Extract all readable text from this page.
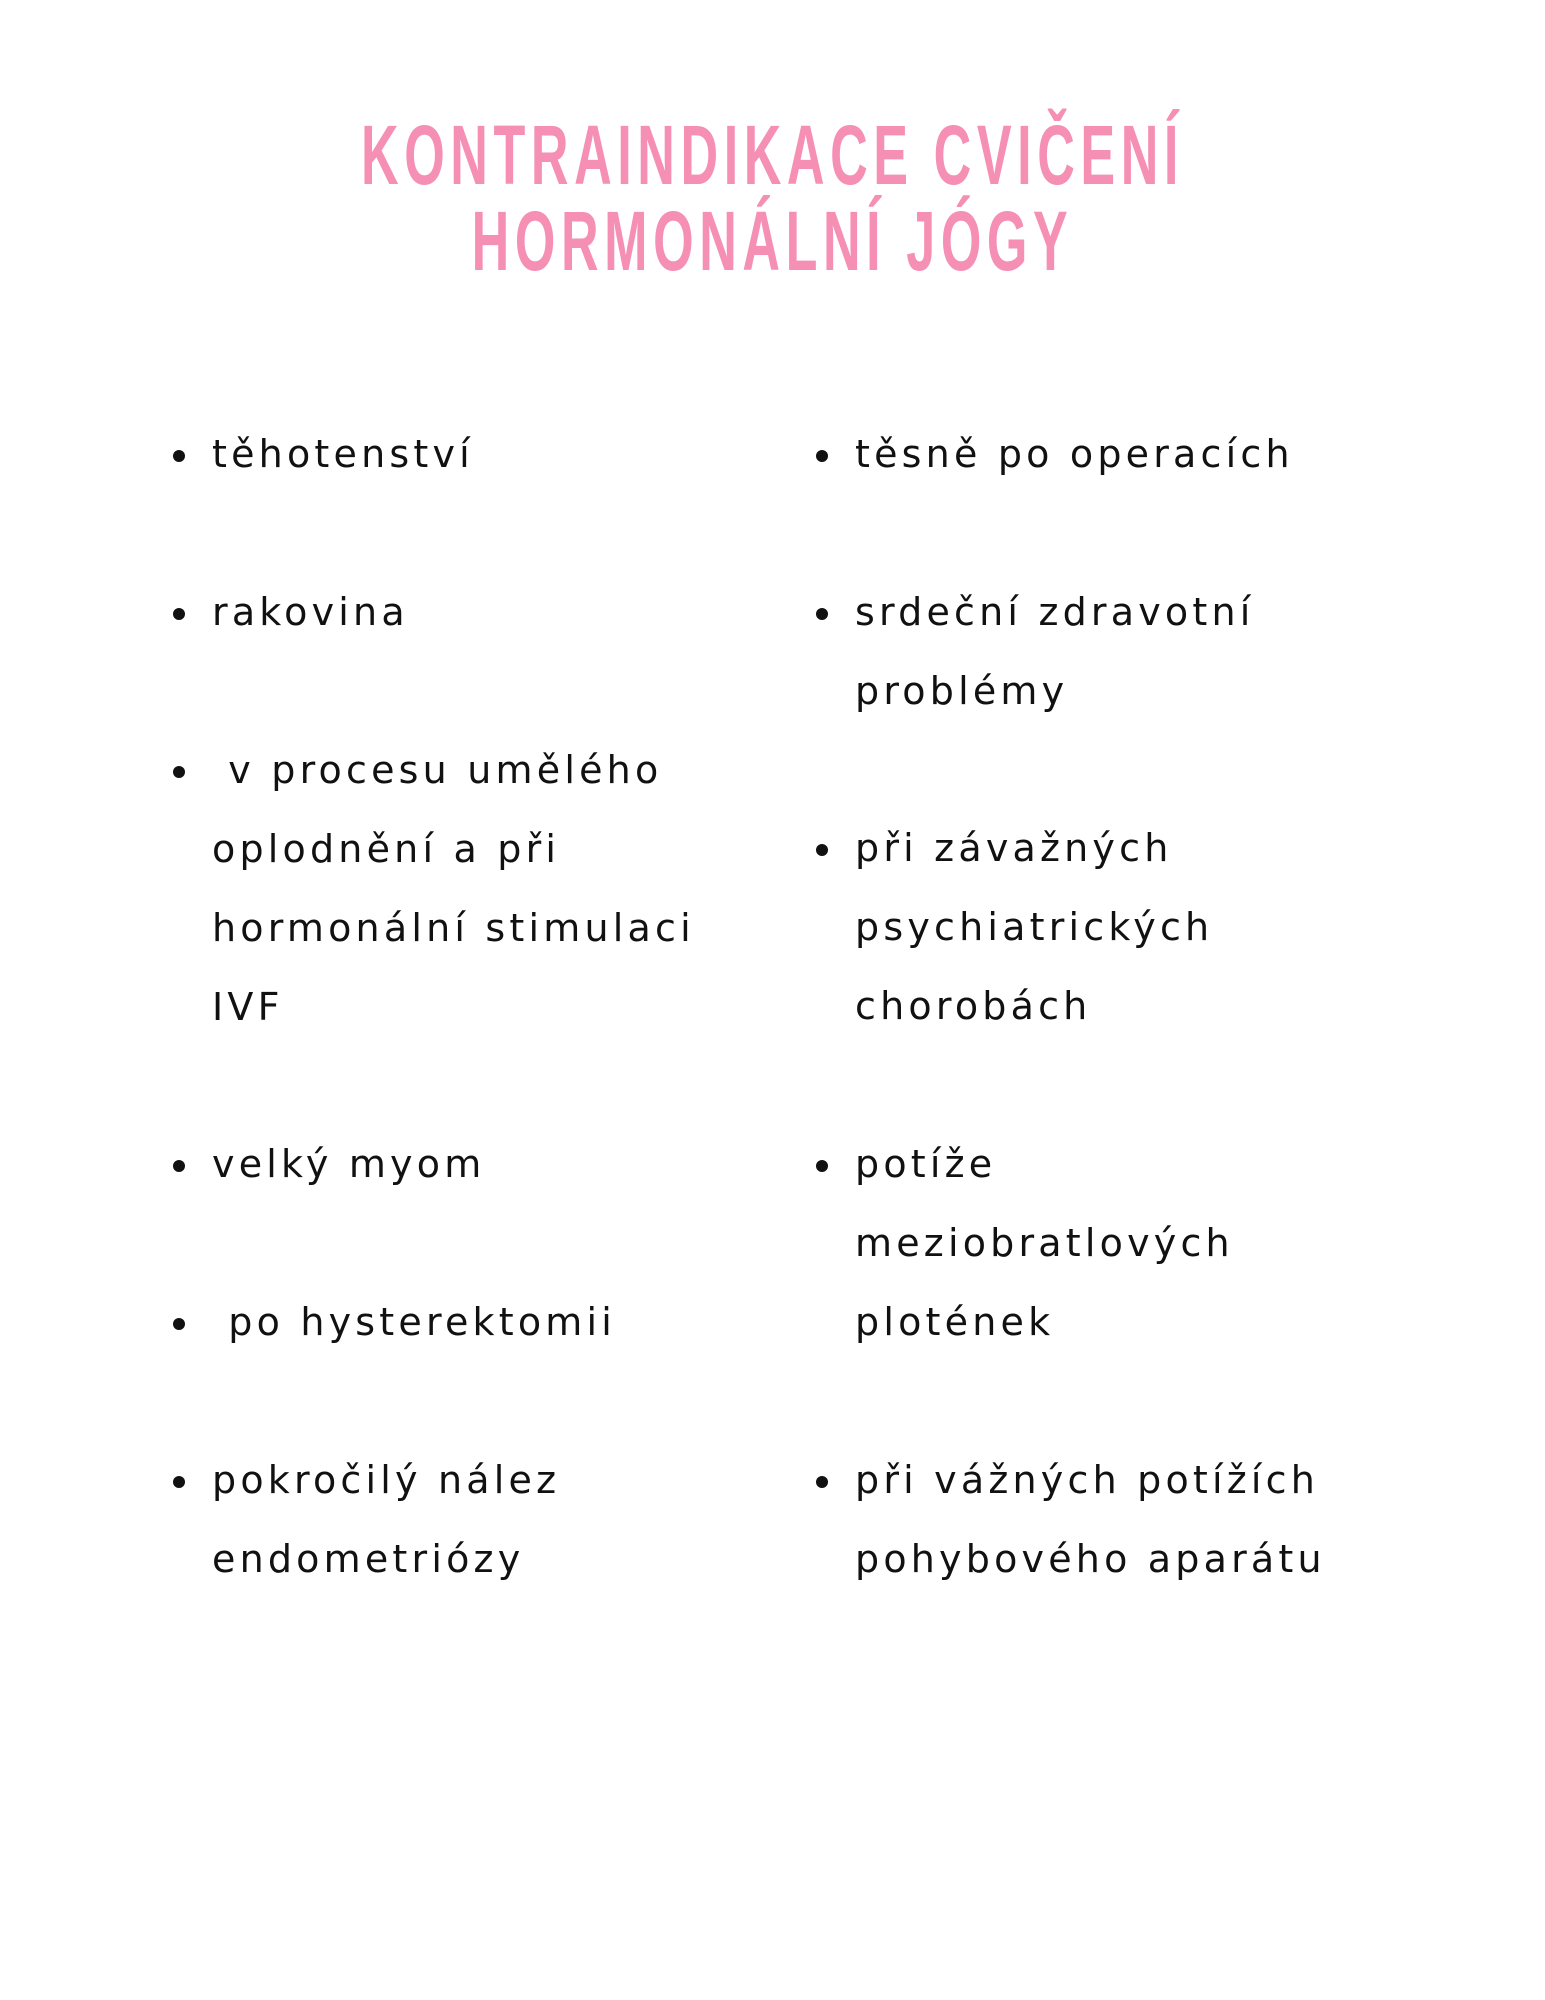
KONTRAINDIKACE CVIČENÍ
HORMONÁLNÍ JÓGY
těhotenství
rakovina
v procesu umělého
oplodnění a při
hormonální stimulaci
IVF
velký myom
po hysterektomii
pokročilý nález
endometriózy
těsně po operacích
srdeční zdravotní
problémy
při závažných
psychiatrických
chorobách
potíže
meziobratlových
plotének
při vážných potížích
pohybového aparátu
